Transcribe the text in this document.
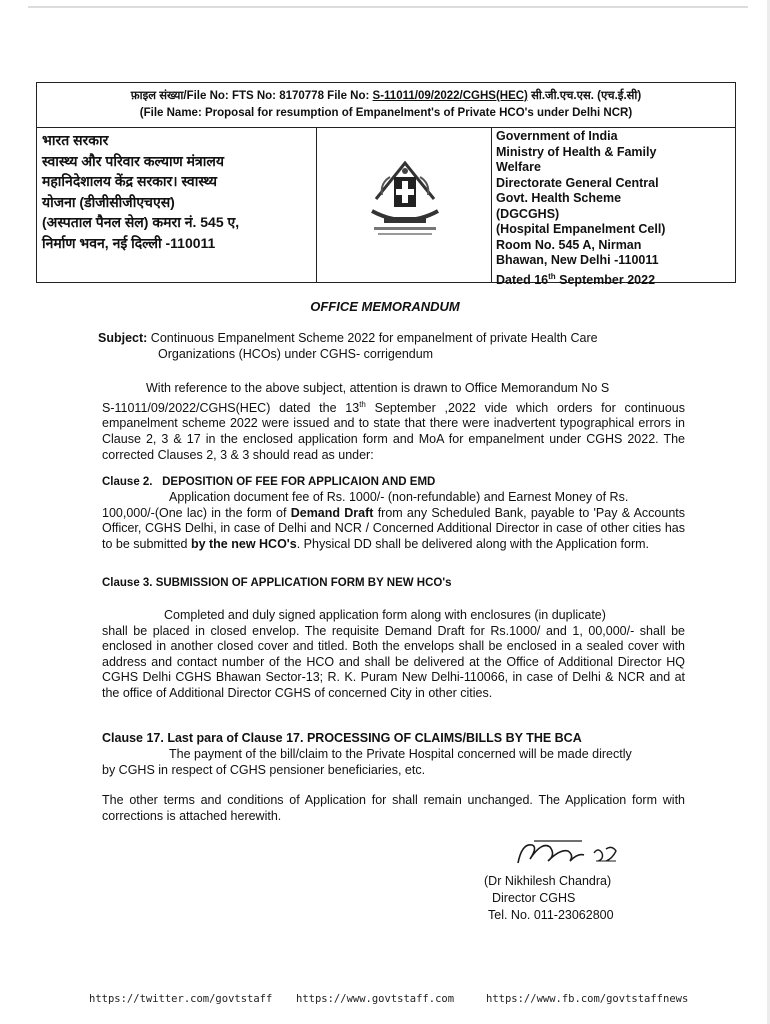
फ़ाइल संख्या/File No: FTS No: 8170778 File No: S-11011/09/2022/CGHS(HEC) सी.जी.एच.एस. (एच.ई.सी)
(File Name: Proposal for resumption of Empanelment's of Private HCO's under Delhi NCR)
भारत सरकार
स्वास्थ्य और परिवार कल्याण मंत्रालय
महानिदेशालय केंद्र सरकार। स्वास्थ्य
योजना (डीजीसीजीएचएस)
(अस्पताल पैनल सेल) कमरा नं. 545 ए,
निर्माण भवन, नई दिल्ली -110011
Government of India
Ministry of Health & Family
Welfare
Directorate General Central
Govt. Health Scheme
(DGCGHS)
(Hospital Empanelment Cell)
Room No. 545 A, Nirman
Bhawan, New Delhi -110011
Dated 16th September 2022
OFFICE MEMORANDUM
Subject: Continuous Empanelment Scheme 2022 for empanelment of private Health Care
Organizations (HCOs) under CGHS- corrigendum
With reference to the above subject, attention is drawn to Office Memorandum No S
S-11011/09/2022/CGHS(HEC) dated the 13th September ,2022 vide which orders for continuous empanelment scheme 2022 were issued and to state that there were inadvertent typographical errors in Clause 2, 3 & 17 in the enclosed application form and MoA for empanelment under CGHS 2022. The corrected Clauses 2, 3 & 3 should read as under:
Clause 2. DEPOSITION OF FEE FOR APPLICAION AND EMD
Application document fee of Rs. 1000/- (non-refundable) and Earnest Money of Rs.
100,000/-(One lac) in the form of Demand Draft from any Scheduled Bank, payable to 'Pay & Accounts Officer, CGHS Delhi, in case of Delhi and NCR / Concerned Additional Director in case of other cities has to be submitted by the new HCO's. Physical DD shall be delivered along with the Application form.
Clause 3. SUBMISSION OF APPLICATION FORM BY NEW HCO's
Completed and duly signed application form along with enclosures (in duplicate)
shall be placed in closed envelop. The requisite Demand Draft for Rs.1000/ and 1, 00,000/- shall be enclosed in another closed cover and titled. Both the envelops shall be enclosed in a sealed cover with address and contact number of the HCO and shall be delivered at the Office of Additional Director HQ CGHS Delhi CGHS Bhawan Sector-13; R. K. Puram New Delhi-110066, in case of Delhi & NCR and at the office of Additional Director CGHS of concerned City in other cities.
Clause 17. Last para of Clause 17. PROCESSING OF CLAIMS/BILLS BY THE BCA
The payment of the bill/claim to the Private Hospital concerned will be made directly
by CGHS in respect of CGHS pensioner beneficiaries, etc.
The other terms and conditions of Application for shall remain unchanged. The Application form with corrections is attached herewith.
(Dr Nikhilesh Chandra)
Director CGHS
Tel. No. 011-23062800
https://twitter.com/govtstaff https://www.govtstaff.com	https://www.fb.com/govtstaffnews
